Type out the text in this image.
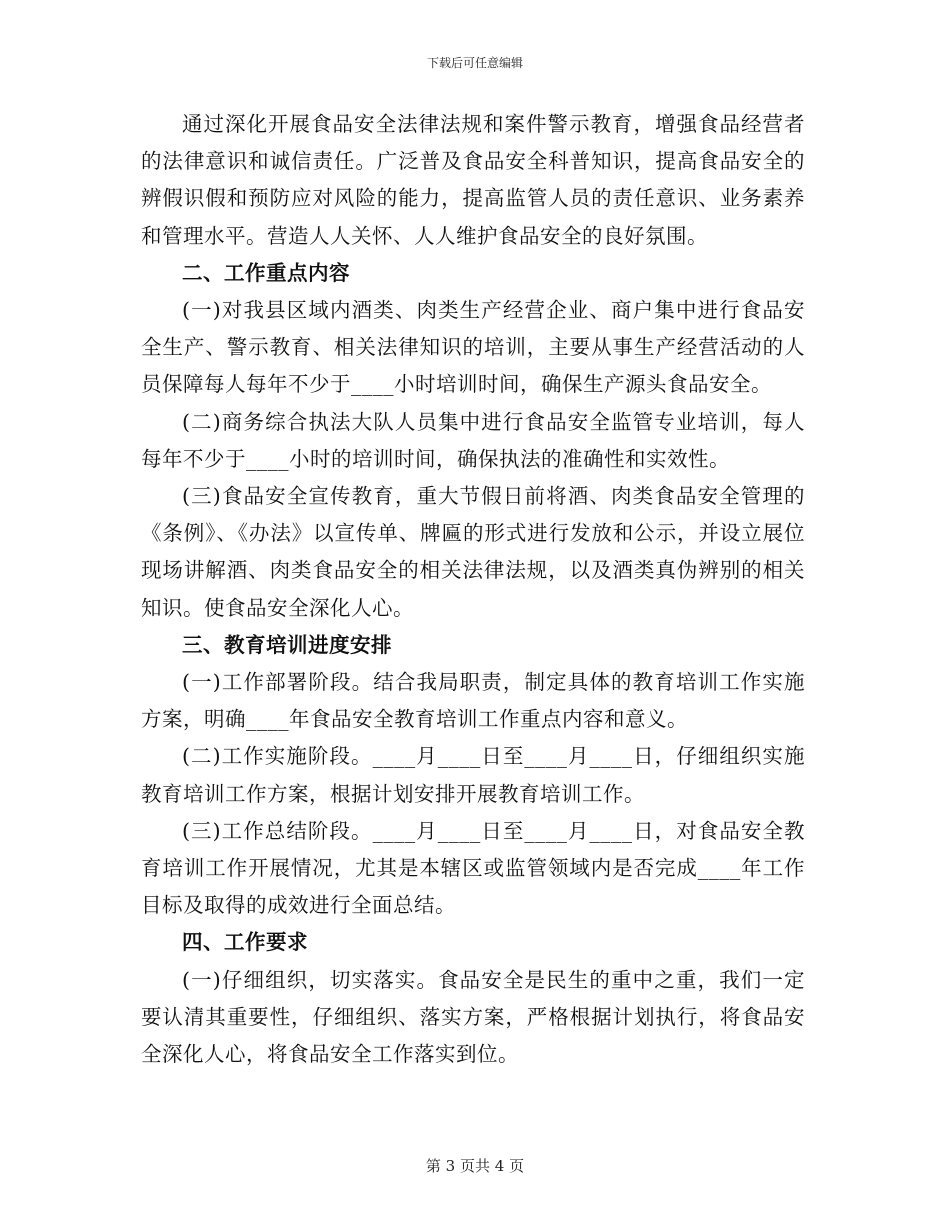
下载后可任意编辑

通过深化开展食品安全法律法规和案件警示教育，增强食品经营者的法律意识和诚信责任。广泛普及食品安全科普知识，提高食品安全的辨假识假和预防应对风险的能力，提高监管人员的责任意识、业务素养和管理水平。营造人人关怀、人人维护食品安全的良好氛围。

二、工作重点内容

(一)对我县区域内酒类、肉类生产经营企业、商户集中进行食品安全生产、警示教育、相关法律知识的培训，主要从事生产经营活动的人员保障每人每年不少于____小时培训时间，确保生产源头食品安全。

(二)商务综合执法大队人员集中进行食品安全监管专业培训，每人每年不少于____小时的培训时间，确保执法的准确性和实效性。

(三)食品安全宣传教育，重大节假日前将酒、肉类食品安全管理的《条例》、《办法》以宣传单、牌匾的形式进行发放和公示，并设立展位现场讲解酒、肉类食品安全的相关法律法规，以及酒类真伪辨别的相关知识。使食品安全深化人心。

三、教育培训进度安排

(一)工作部署阶段。结合我局职责，制定具体的教育培训工作实施方案，明确____年食品安全教育培训工作重点内容和意义。

(二)工作实施阶段。____月____日至____月____日，仔细组织实施教育培训工作方案，根据计划安排开展教育培训工作。

(三)工作总结阶段。____月____日至____月____日，对食品安全教育培训工作开展情况，尤其是本辖区或监管领域内是否完成____年工作目标及取得的成效进行全面总结。

四、工作要求

(一)仔细组织，切实落实。食品安全是民生的重中之重，我们一定要认清其重要性，仔细组织、落实方案，严格根据计划执行，将食品安全深化人心，将食品安全工作落实到位。

第 3 页共 4 页
